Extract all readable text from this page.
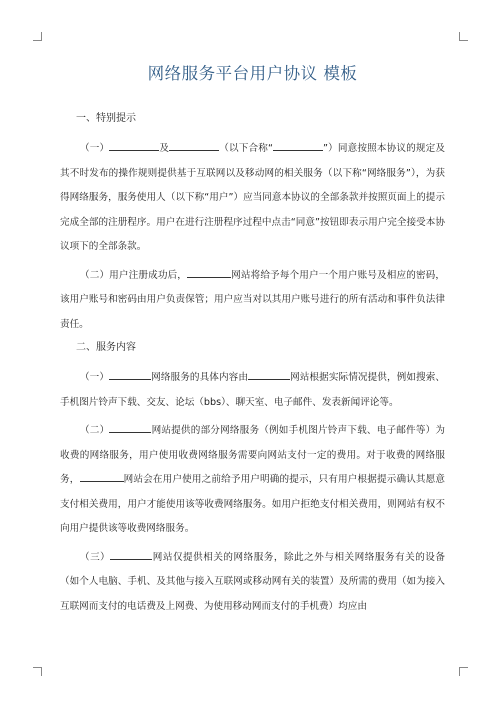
网络服务平台用户协议 模板
一、特别提示

（一）	及	（以下合称“	”）同意按照本协议的规定及其不时发布的操作规则提供基于互联网以及移动网的相关服务（以下称“网络服务”），为获得网络服务，服务使用人（以下称“用户”）应当同意本协议的全部条款并按照页面上的提示完成全部的注册程序。用户在进行注册程序过程中点击“同意”按钮即表示用户完全接受本协议项下的全部条款。

（二）用户注册成功后，	网站将给予每个用户一个用户账号及相应的密码，该用户账号和密码由用户负责保管；用户应当对以其用户账号进行的所有活动和事件负法律责任。

二、服务内容

（一）	网络服务的具体内容由	网站根据实际情况提供，例如搜索、手机图片铃声下载、交友、论坛（bbs）、聊天室、电子邮件、发表新闻评论等。

（二）	网站提供的部分网络服务（例如手机图片铃声下载、电子邮件等）为收费的网络服务，用户使用收费网络服务需要向网站支付一定的费用。对于收费的网络服务，	网站会在用户使用之前给予用户明确的提示，只有用户根据提示确认其愿意支付相关费用，用户才能使用该等收费网络服务。如用户拒绝支付相关费用，则网站有权不向用户提供该等收费网络服务。

（三）	网站仅提供相关的网络服务，除此之外与相关网络服务有关的设备（如个人电脑、手机、及其他与接入互联网或移动网有关的装置）及所需的费用（如为接入互联网而支付的电话费及上网费、为使用移动网而支付的手机费）均应由
